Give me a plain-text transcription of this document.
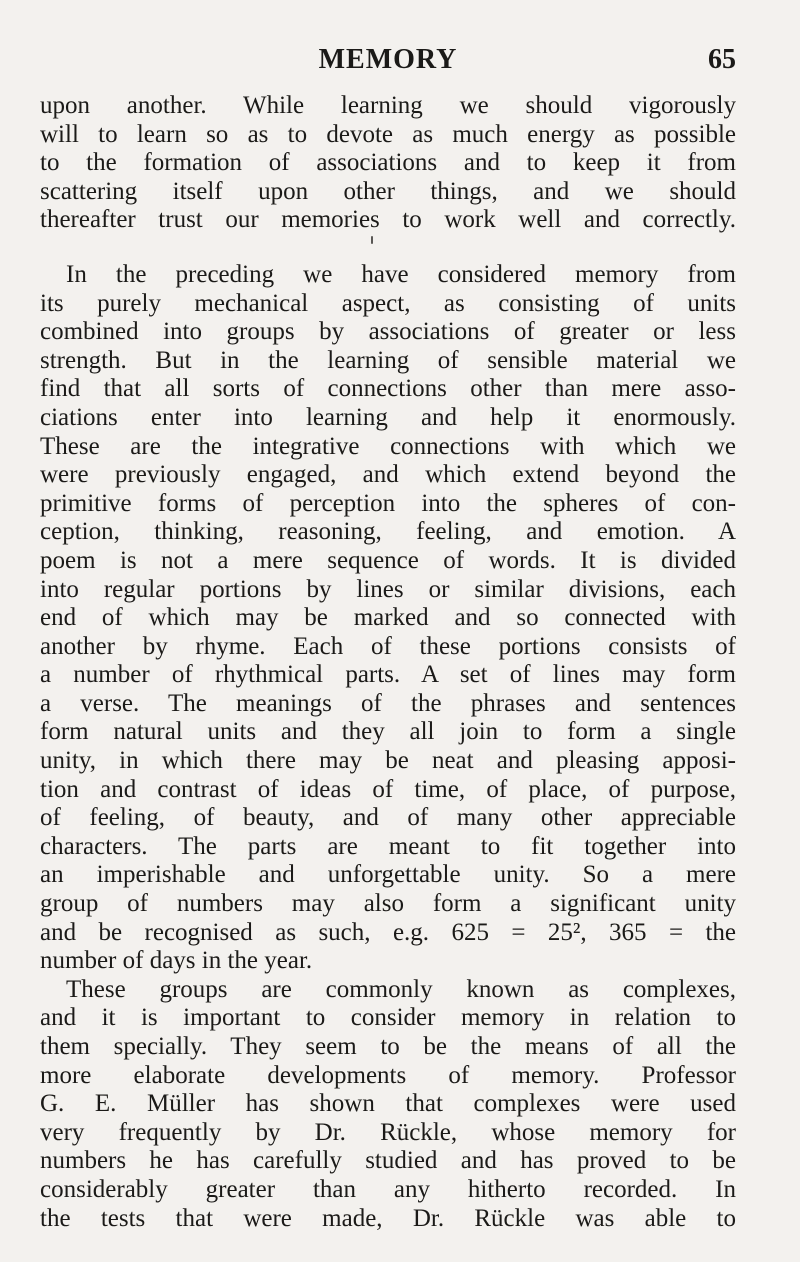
MEMORY	65
upon another. While learning we should vigorously
will to learn so as to devote as much energy as possible
to the formation of associations and to keep it from
scattering itself upon other things, and we should
thereafter trust our memories to work well and correctly.
In the preceding we have considered memory from
its purely mechanical aspect, as consisting of units
combined into groups by associations of greater or less
strength. But in the learning of sensible material we
find that all sorts of connections other than mere asso-
ciations enter into learning and help it enormously.
These are the integrative connections with which we
were previously engaged, and which extend beyond the
primitive forms of perception into the spheres of con-
ception, thinking, reasoning, feeling, and emotion. A
poem is not a mere sequence of words. It is divided
into regular portions by lines or similar divisions, each
end of which may be marked and so connected with
another by rhyme. Each of these portions consists of
a number of rhythmical parts. A set of lines may form
a verse. The meanings of the phrases and sentences
form natural units and they all join to form a single
unity, in which there may be neat and pleasing apposi-
tion and contrast of ideas of time, of place, of purpose,
of feeling, of beauty, and of many other appreciable
characters. The parts are meant to fit together into
an imperishable and unforgettable unity. So a mere
group of numbers may also form a significant unity
and be recognised as such, e.g. 625 = 25², 365 = the
number of days in the year.
These groups are commonly known as complexes,
and it is important to consider memory in relation to
them specially. They seem to be the means of all the
more elaborate developments of memory. Professor
G. E. Müller has shown that complexes were used
very frequently by Dr. Rückle, whose memory for
numbers he has carefully studied and has proved to be
considerably greater than any hitherto recorded. In
the tests that were made, Dr. Rückle was able to
